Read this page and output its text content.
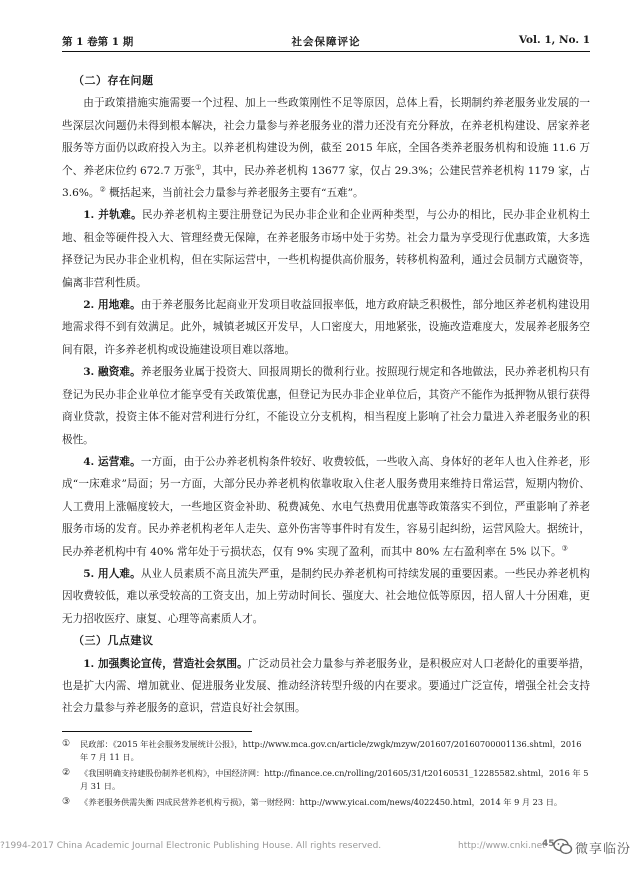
第 1 卷第 1 期	社会保障评论	Vol. 1, No. 1
（二）存在问题

由于政策措施实施需要一个过程、加上一些政策刚性不足等原因，总体上看，长期制约养老服务业发展的一些深层次问题仍未得到根本解决，社会力量参与养老服务业的潜力还没有充分释放，在养老机构建设、居家养老服务等方面仍以政府投入为主。以养老机构建设为例，截至 2015 年底，全国各类养老服务机构和设施 11.6 万个、养老床位约 672.7 万张①，其中，民办养老机构 13677 家，仅占 29.3%；公建民营养老机构 1179 家，占 3.6%。② 概括起来，当前社会力量参与养老服务主要有“五难”。

1. 并轨难。民办养老机构主要注册登记为民办非企业和企业两种类型，与公办的相比，民办非企业机构土地、租金等硬件投入大、管理经费无保障，在养老服务市场中处于劣势。社会力量为享受现行优惠政策，大多选择登记为民办非企业机构，但在实际运营中，一些机构提供高价服务，转移机构盈利，通过会员制方式融资等，偏离非营利性质。

2. 用地难。由于养老服务比起商业开发项目收益回报率低，地方政府缺乏积极性，部分地区养老机构建设用地需求得不到有效满足。此外，城镇老城区开发早，人口密度大，用地紧张，设施改造难度大，发展养老服务空间有限，许多养老机构或设施建设项目难以落地。

3. 融资难。养老服务业属于投资大、回报周期长的微利行业。按照现行规定和各地做法，民办养老机构只有登记为民办非企业单位才能享受有关政策优惠，但登记为民办非企业单位后，其资产不能作为抵押物从银行获得商业贷款，投资主体不能对营利进行分红，不能设立分支机构，相当程度上影响了社会力量进入养老服务业的积极性。

4. 运营难。一方面，由于公办养老机构条件较好、收费较低，一些收入高、身体好的老年人也入住养老，形成“一床难求”局面；另一方面，大部分民办养老机构依靠收取入住老人服务费用来维持日常运营，短期内物价、人工费用上涨幅度较大，一些地区资金补助、税费减免、水电气热费用优惠等政策落实不到位，严重影响了养老服务市场的发育。民办养老机构老年人走失、意外伤害等事件时有发生，容易引起纠纷，运营风险大。据统计，民办养老机构中有 40% 常年处于亏损状态，仅有 9% 实现了盈利，而其中 80% 左右盈利率在 5% 以下。③

5. 用人难。从业人员素质不高且流失严重，是制约民办养老机构可持续发展的重要因素。一些民办养老机构因收费较低，难以承受较高的工资支出，加上劳动时间长、强度大、社会地位低等原因，招人留人十分困难，更无力招收医疗、康复、心理等高素质人才。

（三）几点建议

1. 加强舆论宣传，营造社会氛围。广泛动员社会力量参与养老服务业，是积极应对人口老龄化的重要举措，也是扩大内需、增加就业、促进服务业发展、推动经济转型升级的内在要求。要通过广泛宣传，增强全社会支持社会力量参与养老服务的意识，营造良好社会氛围。

① 民政部：《2015 年社会服务发展统计公报》，http://www.mca.gov.cn/article/zwgk/mzyw/201607/20160700001136.shtml，2016 年 7 月 11 日。
② 《我国明确支持建股份制养老机构》，中国经济网：http://finance.ce.cn/rolling/201605/31/t20160531_12285582.shtml，2016 年 5 月 31 日。
③ 《养老服务供需失衡 四成民营养老机构亏损》，第一财经网：http://www.yicai.com/news/4022450.html，2014 年 9 月 23 日。
?1994-2017 China Academic Journal Electronic Publishing House. All rights reserved.	http://www.cnki.net
45 微享临汾
